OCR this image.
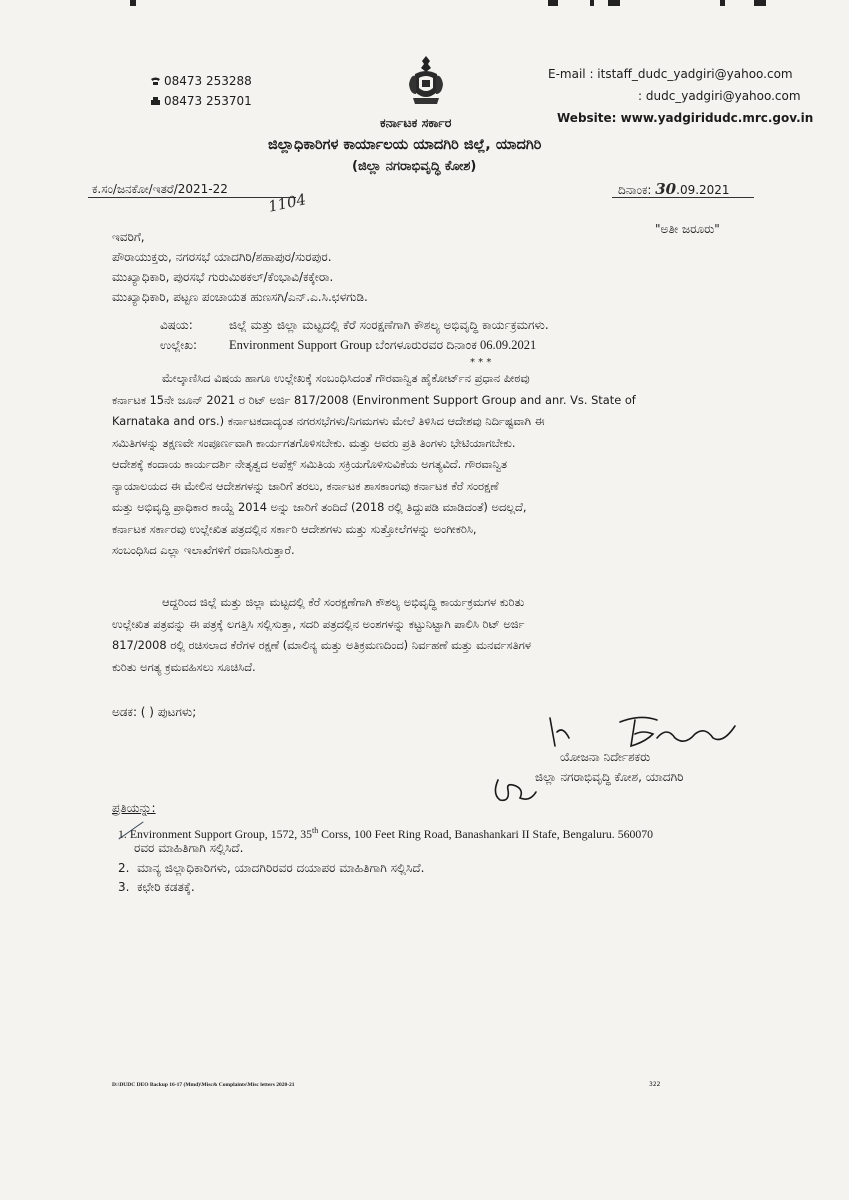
08473 253288
08473 253701
E-mail : itstaff_dudc_yadgiri@yahoo.com
: dudc_yadgiri@yahoo.com
Website: www.yadgiridudc.mrc.gov.in
ಕರ್ನಾಟಕ ಸರ್ಕಾರ
ಜಿಲ್ಲಾಧಿಕಾರಿಗಳ ಕಾರ್ಯಾಲಯ ಯಾದಗಿರಿ ಜಿಲ್ಲೆ, ಯಾದಗಿರಿ
(ಜಿಲ್ಲಾ ನಗರಾಭಿವೃದ್ಧಿ ಕೋಶ)
ಕ.ಸಂ/ಜನಕೋ/ಇತರೆ/2021-22
1104
ದಿನಾಂಕ: 30.09.2021
"ಅತೀ ಜರೂರು"
ಇವರಿಗೆ,
ಪೌರಾಯುಕ್ತರು, ನಗರಸಭೆ ಯಾದಗಿರಿ/ಶಹಾಪುರ/ಸುರಪುರ.
ಮುಖ್ಯಾಧಿಕಾರಿ, ಪುರಸಭೆ ಗುರುಮಿಠಕಲ್/ಕೆಂಭಾವಿ/ಕಕ್ಕೇರಾ.
ಮುಖ್ಯಾಧಿಕಾರಿ, ಪಟ್ಟಣ ಪಂಚಾಯತ ಹುಣಸಗಿ/ಎನ್.ಎ.ಸಿ.ಛಳಗುಡಿ.
ವಿಷಯ:	ಜಿಲ್ಲೆ ಮತ್ತು ಜಿಲ್ಲಾ ಮಟ್ಟದಲ್ಲಿ ಕೆರೆ ಸಂರಕ್ಷಣೆಗಾಗಿ ಕೌಶಲ್ಯ ಅಭಿವೃದ್ಧಿ ಕಾರ್ಯಕ್ರಮಗಳು.
ಉಲ್ಲೇಖ:	Environment Support Group ಬೆಂಗಳೂರುರವರ ದಿನಾಂಕ 06.09.2021
* * *
ಮೇಲ್ಕಾಣಿಸಿದ ವಿಷಯ ಹಾಗೂ ಉಲ್ಲೇಖಕ್ಕೆ ಸಂಬಂಧಿಸಿದಂತೆ ಗೌರವಾನ್ವಿತ ಹೈಕೋರ್ಟ್‌ನ ಪ್ರಧಾನ ಪೀಠವು
ಕರ್ನಾಟಕ 15ನೇ ಜೂನ್ 2021 ರ ರಿಟ್ ಅರ್ಜಿ 817/2008 (Environment Support Group and anr. Vs. State of
Karnataka and ors.) ಕರ್ನಾಟಕದಾದ್ಯಂತ ನಗರಸಭೆಗಳು/ನಿಗಮಗಳು ಮೇಲೆ ತಿಳಿಸಿದ ಆದೇಶವು ನಿರ್ದಿಷ್ಟವಾಗಿ ಈ
ಸಮಿತಿಗಳನ್ನು ತಕ್ಷಣವೇ ಸಂಪೂರ್ಣವಾಗಿ ಕಾರ್ಯಗತಗೊಳಿಸಬೇಕು. ಮತ್ತು ಅವರು ಪ್ರತಿ ತಿಂಗಳು ಭೇಟಿಯಾಗಬೇಕು.
ಆದೇಶಕ್ಕೆ ಕಂದಾಯ ಕಾರ್ಯದರ್ಶಿ ನೇತೃತ್ವದ ಅಪೆಕ್ಸ್ ಸಮಿತಿಯ ಸಕ್ರಿಯಗೊಳಿಸುವಿಕೆಯ ಅಗತ್ಯವಿದೆ. ಗೌರವಾನ್ವಿತ
ನ್ಯಾಯಾಲಯದ ಈ ಮೇಲಿನ ಆದೇಶಗಳನ್ನು ಜಾರಿಗೆ ತರಲು, ಕರ್ನಾಟಕ ಶಾಸಕಾಂಗವು ಕರ್ನಾಟಕ ಕೆರೆ ಸಂರಕ್ಷಣೆ
ಮತ್ತು ಅಭಿವೃದ್ಧಿ ಪ್ರಾಧಿಕಾರ ಕಾಯ್ದೆ 2014 ಅನ್ನು ಜಾರಿಗೆ ತಂದಿದೆ (2018 ರಲ್ಲಿ ತಿದ್ದುಪಡಿ ಮಾಡಿದಂತೆ) ಅದಲ್ಲದೆ,
ಕರ್ನಾಟಕ ಸರ್ಕಾರವು ಉಲ್ಲೇಖಿತ ಪತ್ರದಲ್ಲಿನ ಸರ್ಕಾರಿ ಆದೇಶಗಳು ಮತ್ತು ಸುತ್ತೋಲೆಗಳನ್ನು ಅಂಗೀಕರಿಸಿ,
ಸಂಬಂಧಿಸಿದ ಎಲ್ಲಾ ಇಲಾಖೆಗಳಿಗೆ ರವಾನಿಸಿರುತ್ತಾರೆ.
ಆದ್ದರಿಂದ ಜಿಲ್ಲೆ ಮತ್ತು ಜಿಲ್ಲಾ ಮಟ್ಟದಲ್ಲಿ ಕೆರೆ ಸಂರಕ್ಷಣೆಗಾಗಿ ಕೌಶಲ್ಯ ಅಭಿವೃದ್ಧಿ ಕಾರ್ಯಕ್ರಮಗಳ ಕುರಿತು
ಉಲ್ಲೇಖಿತ ಪತ್ರವನ್ನು ಈ ಪತ್ರಕ್ಕೆ ಲಗತ್ತಿಸಿ ಸಲ್ಲಿಸುತ್ತಾ, ಸದರಿ ಪತ್ರದಲ್ಲಿನ ಅಂಶಗಳನ್ನು ಕಟ್ಟುನಿಟ್ಟಾಗಿ ಪಾಲಿಸಿ ರಿಟ್ ಅರ್ಜಿ
817/2008 ರಲ್ಲಿ ರಚಿಸಲಾದ ಕೆರೆಗಳ ರಕ್ಷಣೆ (ಮಾಲಿನ್ಯ ಮತ್ತು ಅತಿಕ್ರಮಣದಿಂದ) ನಿರ್ವಹಣೆ ಮತ್ತು ಮನರ್ವಸತಿಗಳ
ಕುರಿತು ಅಗತ್ಯ ಕ್ರಮವಹಿಸಲು ಸೂಚಿಸಿದೆ.
ಅಡಕ: ( ) ಪುಟಗಳು;
ಯೋಜನಾ ನಿರ್ದೇಶಕರು
ಜಿಲ್ಲಾ ನಗರಾಭಿವೃದ್ಧಿ ಕೋಶ, ಯಾದಗಿರಿ
ಪ್ರತಿಯನ್ನು:
1. Environment Support Group, 1572, 35th Corss, 100 Feet Ring Road, Banashankari II Stafe, Bengaluru. 560070
ರವರ ಮಾಹಿತಿಗಾಗಿ ಸಲ್ಲಿಸಿದೆ.
2. ಮಾನ್ಯ ಜಿಲ್ಲಾಧಿಕಾರಿಗಳು, ಯಾದಗಿರಿರವರ ದಯಾಪರ ಮಾಹಿತಿಗಾಗಿ ಸಲ್ಲಿಸಿದೆ.
3. ಕಛೇರಿ ಕಡತಕ್ಕೆ.
D:\DUDC DEO Backup 16-17 (Mmd)\Misc& Complaints\Misc letters 2020-21	322
